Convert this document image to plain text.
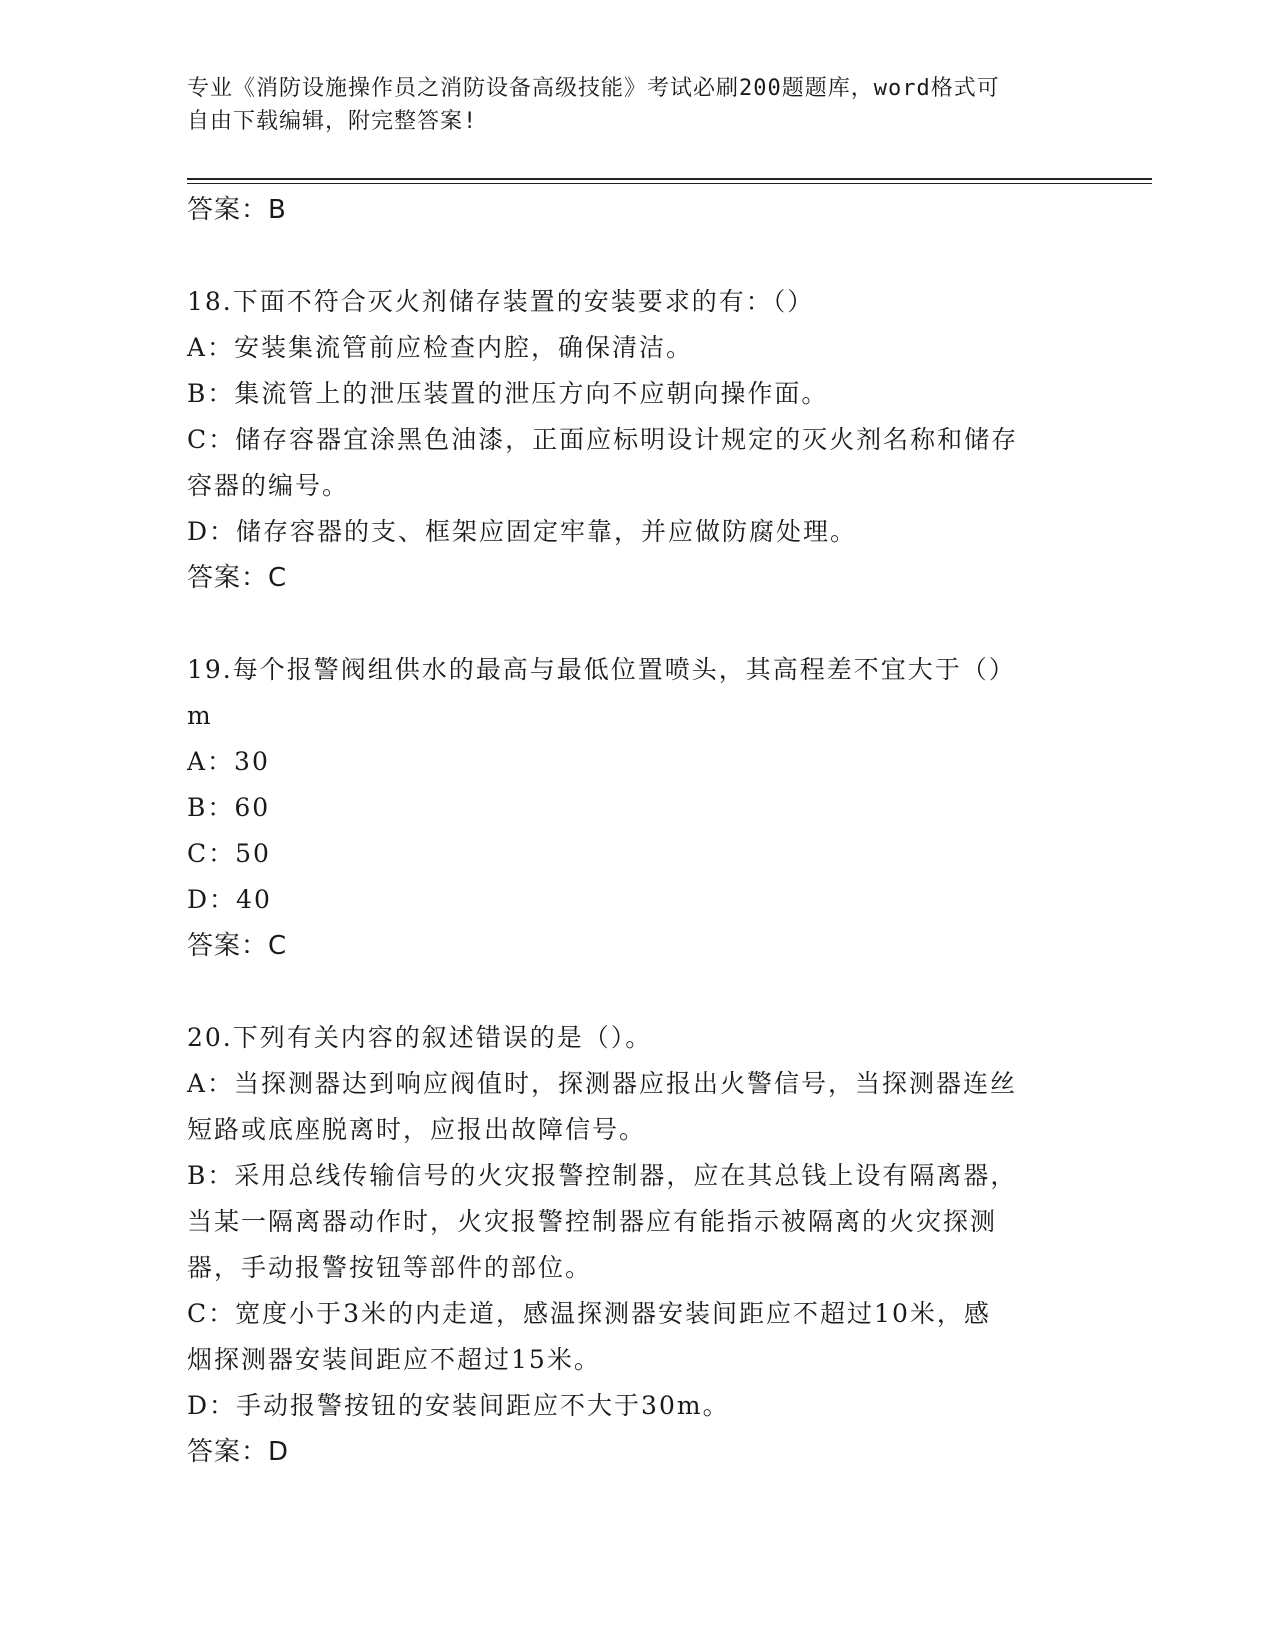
专业《消防设施操作员之消防设备高级技能》考试必刷200题题库，word格式可
自由下载编辑，附完整答案!
答案：B
18.下面不符合灭火剂储存装置的安装要求的有：（）
A：安装集流管前应检查内腔，确保清洁。
B：集流管上的泄压装置的泄压方向不应朝向操作面。
C：储存容器宜涂黑色油漆，正面应标明设计规定的灭火剂名称和储存
容器的编号。
D：储存容器的支、框架应固定牢靠，并应做防腐处理。
答案：C
19.每个报警阀组供水的最高与最低位置喷头，其高程差不宜大于（）
m
A：30
B：60
C：50
D：40
答案：C
20.下列有关内容的叙述错误的是（）。
A：当探测器达到响应阀值时，探测器应报出火警信号，当探测器连丝
短路或底座脱离时，应报出故障信号。
B：采用总线传输信号的火灾报警控制器，应在其总钱上设有隔离器，
当某一隔离器动作时，火灾报警控制器应有能指示被隔离的火灾探测
器，手动报警按钮等部件的部位。
C：宽度小于3米的内走道，感温探测器安装间距应不超过10米，感
烟探测器安装间距应不超过15米。
D：手动报警按钮的安装间距应不大于30m。
答案：D
